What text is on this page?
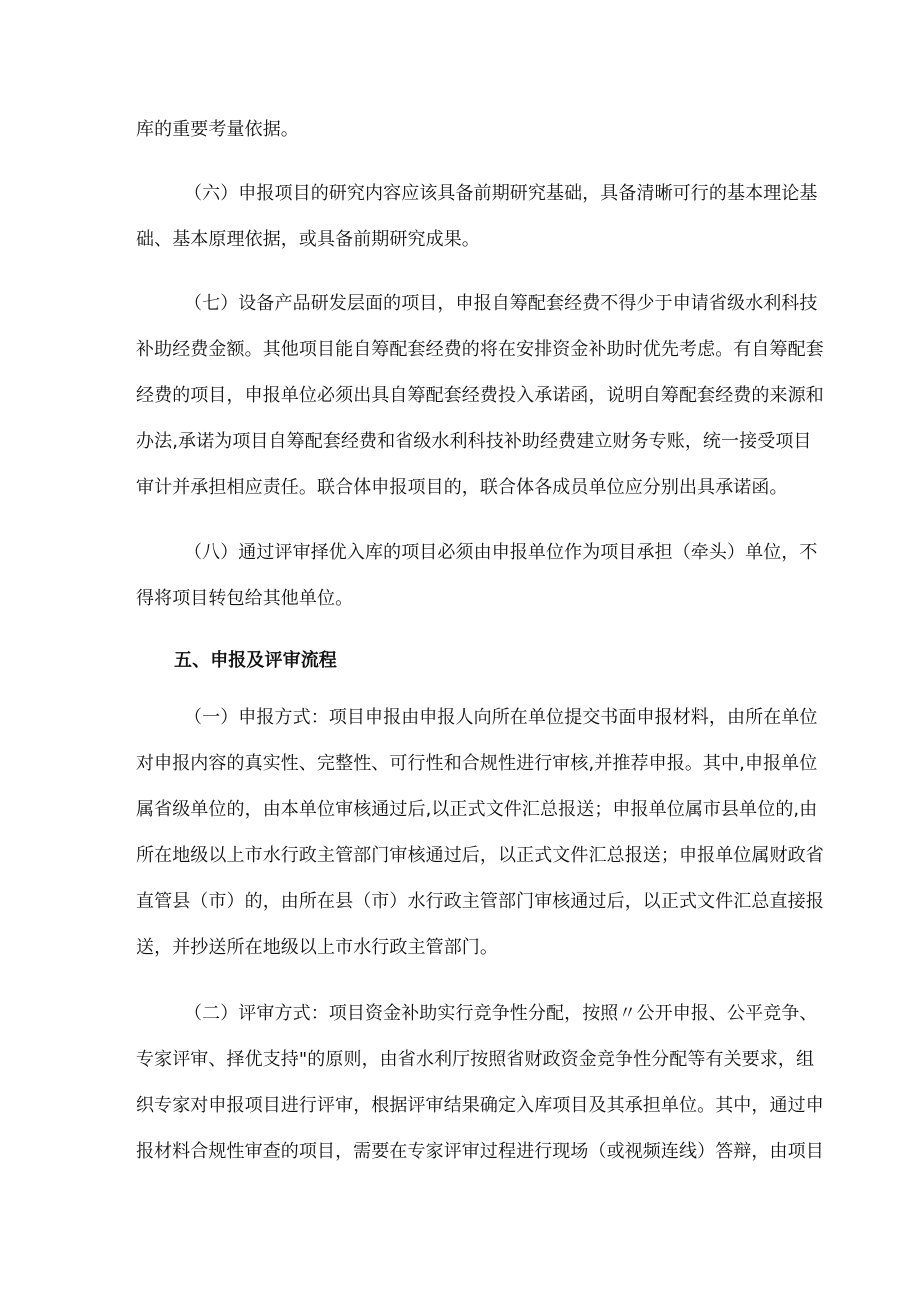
库的重要考量依据。
（六）申报项目的研究内容应该具备前期研究基础，具备清晰可行的基本理论基
础、基本原理依据，或具备前期研究成果。
（七）设备产品研发层面的项目，申报自筹配套经费不得少于申请省级水利科技
补助经费金额。其他项目能自筹配套经费的将在安排资金补助时优先考虑。有自筹配套
经费的项目，申报单位必须出具自筹配套经费投入承诺函，说明自筹配套经费的来源和
办法,承诺为项目自筹配套经费和省级水利科技补助经费建立财务专账，统一接受项目
审计并承担相应责任。联合体申报项目的，联合体各成员单位应分别出具承诺函。
（八）通过评审择优入库的项目必须由申报单位作为项目承担（牵头）单位，不
得将项目转包给其他单位。
五、申报及评审流程
（一）申报方式：项目申报由申报人向所在单位提交书面申报材料，由所在单位
对申报内容的真实性、完整性、可行性和合规性进行审核,并推荐申报。其中,申报单位
属省级单位的，由本单位审核通过后,以正式文件汇总报送；申报单位属市县单位的,由
所在地级以上市水行政主管部门审核通过后，以正式文件汇总报送；申报单位属财政省
直管县（市）的，由所在县（市）水行政主管部门审核通过后，以正式文件汇总直接报
送，并抄送所在地级以上市水行政主管部门。
（二）评审方式：项目资金补助实行竞争性分配，按照〃公开申报、公平竞争、
专家评审、择优支持"的原则，由省水利厅按照省财政资金竞争性分配等有关要求，组
织专家对申报项目进行评审，根据评审结果确定入库项目及其承担单位。其中，通过申
报材料合规性审查的项目，需要在专家评审过程进行现场（或视频连线）答辩，由项目
